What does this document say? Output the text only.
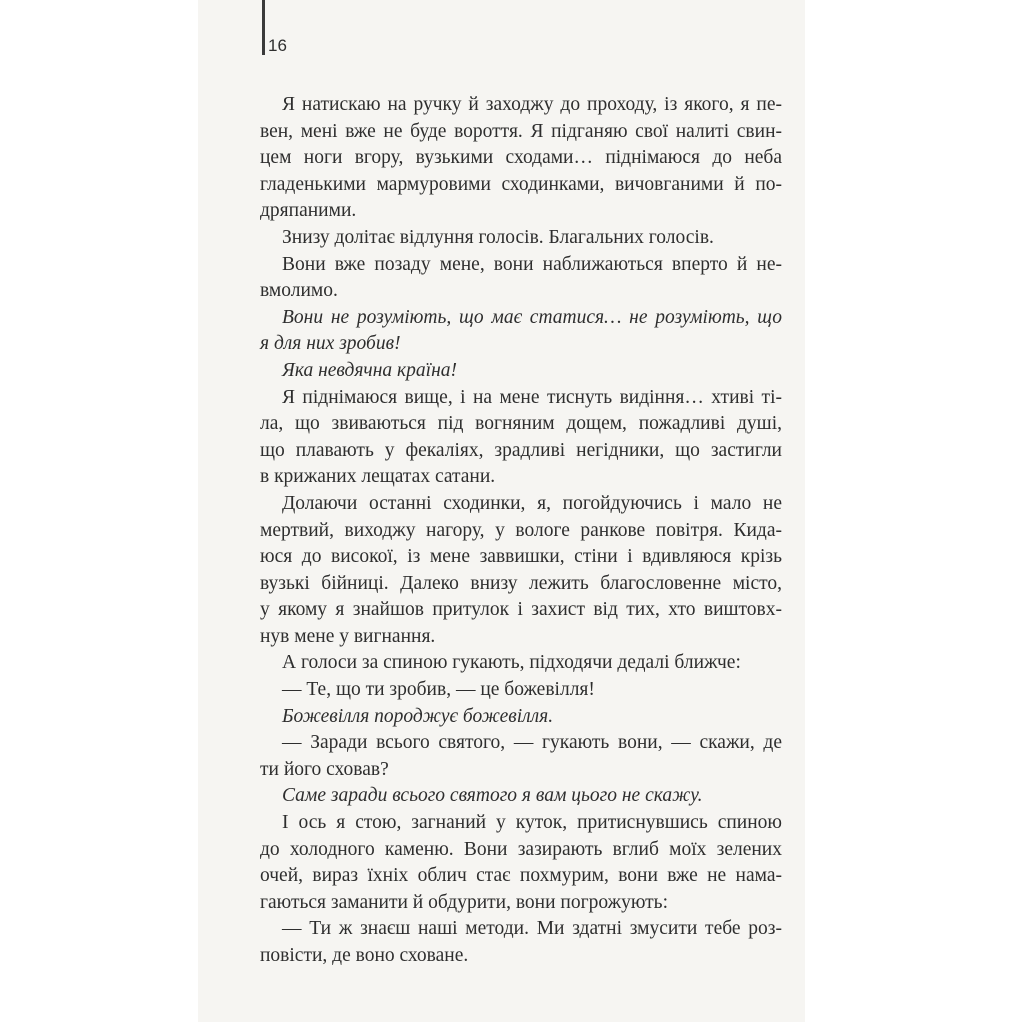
16

Я натискаю на ручку й заходжу до проходу, із якого, я пе-
вен, мені вже не буде вороття. Я підганяю свої налиті свин-
цем ноги вгору, вузькими сходами… піднімаюся до неба
гладенькими мармуровими сходинками, вичовганими й по-
дряпаними.

Знизу долітає відлуння голосів. Благальних голосів.

Вони вже позаду мене, вони наближаються вперто й не-
вмолимо.

Вони не розуміють, що має статися… не розуміють, що
я для них зробив!

Яка невдячна країна!

Я піднімаюся вище, і на мене тиснуть видіння… хтиві ті-
ла, що звиваються під вогняним дощем, пожадливі душі,
що плавають у фекаліях, зрадливі негідники, що застигли
в крижаних лещатах сатани.

Долаючи останні сходинки, я, погойдуючись і мало не
мертвий, виходжу нагору, у вологе ранкове повітря. Кида-
юся до високої, із мене заввишки, стіни і вдивляюся крізь
вузькі бійниці. Далеко внизу лежить благословенне місто,
у якому я знайшов притулок і захист від тих, хто виштовх-
нув мене у вигнання.

А голоси за спиною гукають, підходячи дедалі ближче:

— Те, що ти зробив, — це божевілля!

Божевілля породжує божевілля.

— Заради всього святого, — гукають вони, — скажи, де
ти його сховав?

Саме заради всього святого я вам цього не скажу.

І ось я стою, загнаний у куток, притиснувшись спиною
до холодного каменю. Вони зазирають вглиб моїх зелених
очей, вираз їхніх облич стає похмурим, вони вже не нама-
гаються заманити й обдурити, вони погрожують:

— Ти ж знаєш наші методи. Ми здатні змусити тебе роз-
повісти, де воно сховане.
